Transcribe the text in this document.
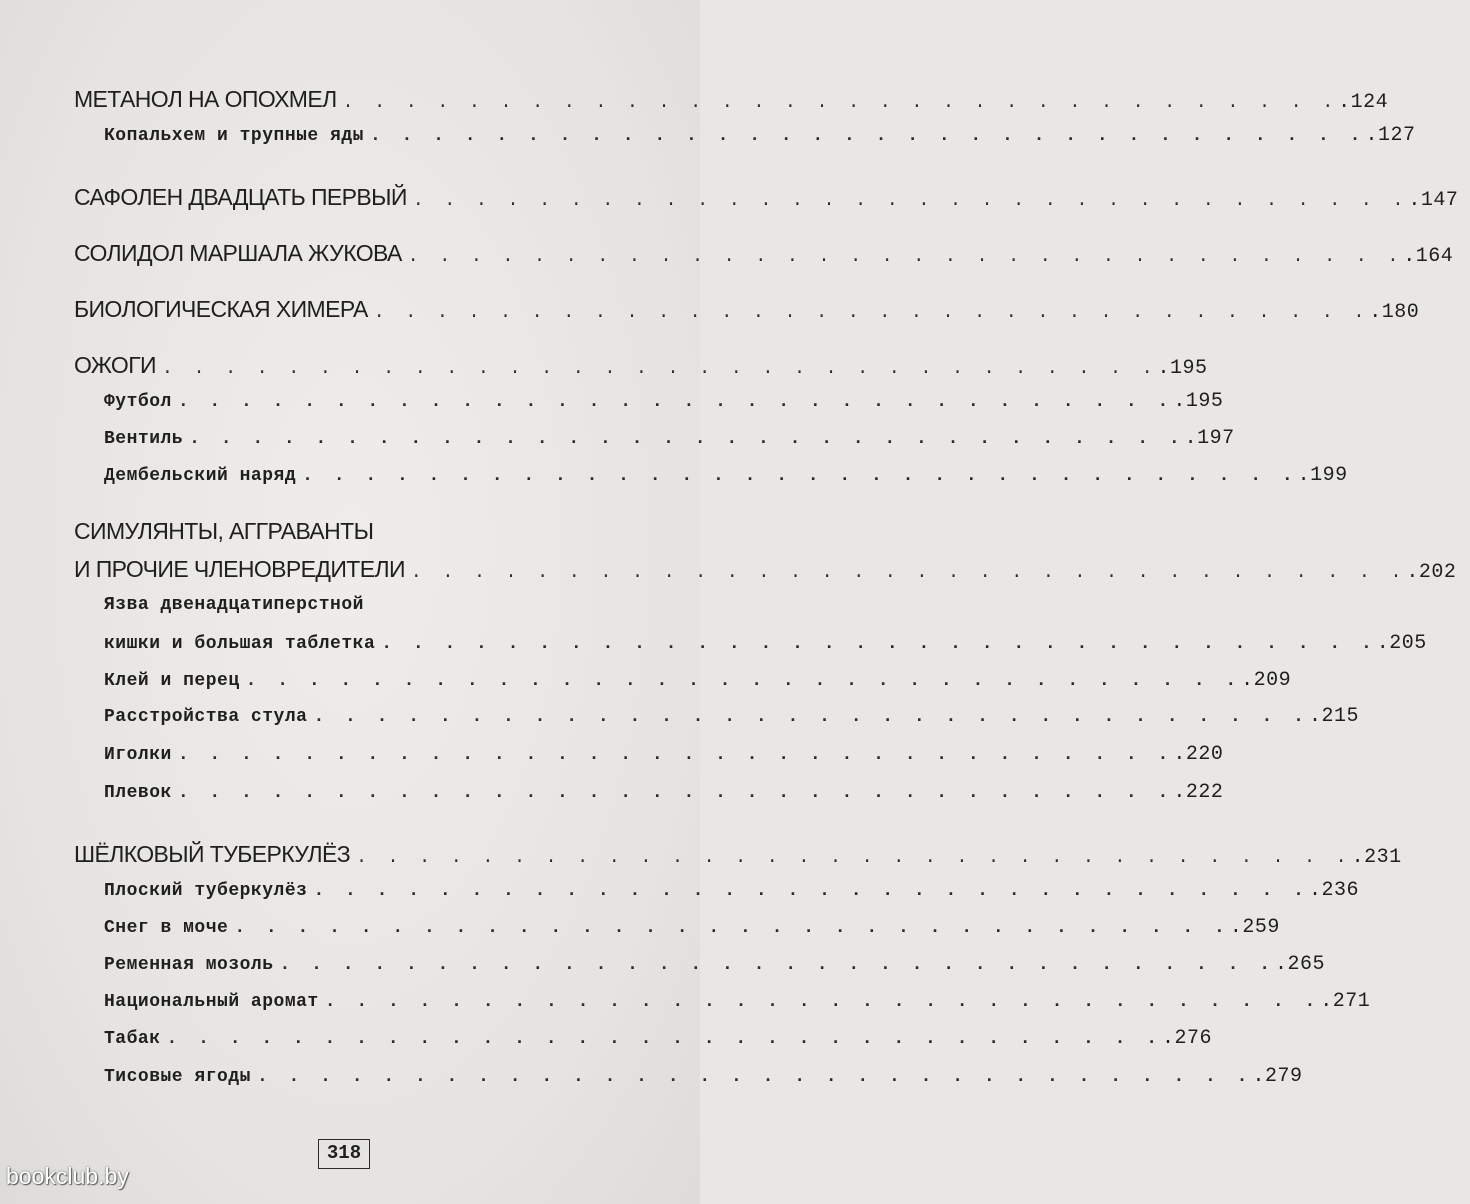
МЕТАНОЛ НА ОПОХМЕЛ . . . . . . . . . . . . . . . . . . . . . . . . . . . . . . . . .124
Копальхем и трупные яды . . . . . . . . . . . . . . . . . . . . . . . . . . . . . . . . .127
САФОЛЕН ДВАДЦАТЬ ПЕРВЫЙ . . . . . . . . . . . . . . . . . . . . . . . . . . . . . . . . .147
СОЛИДОЛ МАРШАЛА ЖУКОВА . . . . . . . . . . . . . . . . . . . . . . . . . . . . . . . . .164
БИОЛОГИЧЕСКАЯ ХИМЕРА . . . . . . . . . . . . . . . . . . . . . . . . . . . . . . . . .180
ОЖОГИ . . . . . . . . . . . . . . . . . . . . . . . . . . . . . . . . .195
Футбол . . . . . . . . . . . . . . . . . . . . . . . . . . . . . . . . .195
Вентиль . . . . . . . . . . . . . . . . . . . . . . . . . . . . . . . . .197
Дембельский наряд . . . . . . . . . . . . . . . . . . . . . . . . . . . . . . . . .199
СИМУЛЯНТЫ, АГГРАВАНТЫ
И ПРОЧИЕ ЧЛЕНОВРЕДИТЕЛИ . . . . . . . . . . . . . . . . . . . . . . . . . . . . . . . . .202
Язва двенадцатиперстной
кишки и большая таблетка . . . . . . . . . . . . . . . . . . . . . . . . . . . . . . . . .205
Клей и перец . . . . . . . . . . . . . . . . . . . . . . . . . . . . . . . . .209
Расстройства стула . . . . . . . . . . . . . . . . . . . . . . . . . . . . . . . . .215
Иголки . . . . . . . . . . . . . . . . . . . . . . . . . . . . . . . . .220
Плевок . . . . . . . . . . . . . . . . . . . . . . . . . . . . . . . . .222
ШЁЛКОВЫЙ ТУБЕРКУЛЁЗ . . . . . . . . . . . . . . . . . . . . . . . . . . . . . . . . .231
Плоский туберкулёз . . . . . . . . . . . . . . . . . . . . . . . . . . . . . . . . .236
Снег в моче . . . . . . . . . . . . . . . . . . . . . . . . . . . . . . . . .259
Ременная мозоль . . . . . . . . . . . . . . . . . . . . . . . . . . . . . . . . .265
Национальный аромат . . . . . . . . . . . . . . . . . . . . . . . . . . . . . . . . .271
Табак . . . . . . . . . . . . . . . . . . . . . . . . . . . . . . . . .276
Тисовые ягоды . . . . . . . . . . . . . . . . . . . . . . . . . . . . . . . . .279
318
bookclub.by
